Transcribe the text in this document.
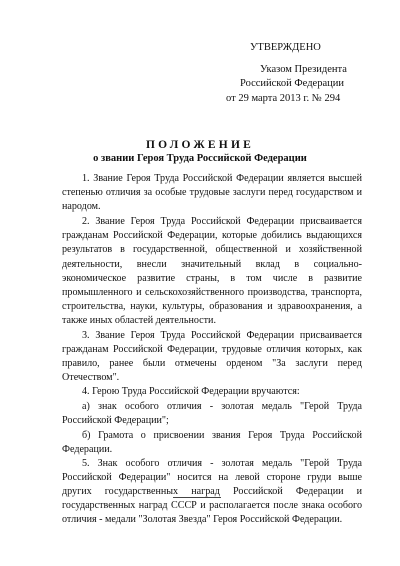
УТВЕРЖДЕНО
Указом Президента
Российской Федерации
от 29 марта 2013 г. № 294
ПОЛОЖЕНИЕ
о звании Героя Труда Российской Федерации

1. Звание Героя Труда Российской Федерации является высшей степенью отличия за особые трудовые заслуги перед государством и народом.

2. Звание Героя Труда Российской Федерации присваивается гражданам Российской Федерации, которые добились выдающихся результатов в государственной, общественной и хозяйственной деятельности, внесли значительный вклад в социально-экономическое развитие страны, в том числе в развитие промышленного и сельскохозяйственного производства, транспорта, строительства, науки, культуры, образования и здравоохранения, а также иных областей деятельности.

3. Звание Героя Труда Российской Федерации присваивается гражданам Российской Федерации, трудовые отличия которых, как правило, ранее были отмечены орденом "За заслуги перед Отечеством".

4. Герою Труда Российской Федерации вручаются:

а) знак особого отличия - золотая медаль "Герой Труда Российской Федерации";

б) Грамота о присвоении звания Героя Труда Российской Федерации.

5. Знак особого отличия - золотая медаль "Герой Труда Российской Федерации" носится на левой стороне груди выше других государственных наград Российской Федерации и государственных наград СССР и располагается после знака особого отличия - медали "Золотая Звезда" Героя Российской Федерации.
